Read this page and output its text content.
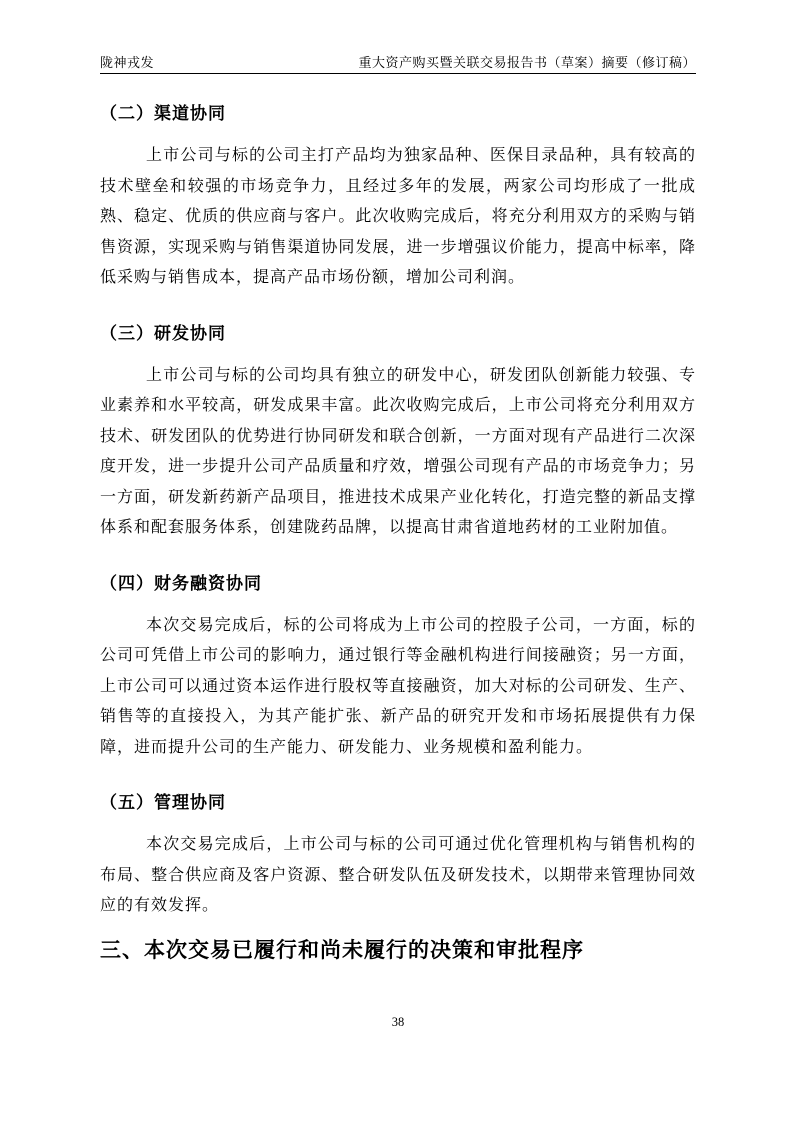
陇神戎发	重大资产购买暨关联交易报告书（草案）摘要（修订稿）
（二）渠道协同

上市公司与标的公司主打产品均为独家品种、医保目录品种，具有较高的技术壁垒和较强的市场竞争力，且经过多年的发展，两家公司均形成了一批成熟、稳定、优质的供应商与客户。此次收购完成后，将充分利用双方的采购与销售资源，实现采购与销售渠道协同发展，进一步增强议价能力，提高中标率，降低采购与销售成本，提高产品市场份额，增加公司利润。

（三）研发协同

上市公司与标的公司均具有独立的研发中心，研发团队创新能力较强、专业素养和水平较高，研发成果丰富。此次收购完成后，上市公司将充分利用双方技术、研发团队的优势进行协同研发和联合创新，一方面对现有产品进行二次深度开发，进一步提升公司产品质量和疗效，增强公司现有产品的市场竞争力；另一方面，研发新药新产品项目，推进技术成果产业化转化，打造完整的新品支撑体系和配套服务体系，创建陇药品牌，以提高甘肃省道地药材的工业附加值。

（四）财务融资协同

本次交易完成后，标的公司将成为上市公司的控股子公司，一方面，标的公司可凭借上市公司的影响力，通过银行等金融机构进行间接融资；另一方面，上市公司可以通过资本运作进行股权等直接融资，加大对标的公司研发、生产、销售等的直接投入，为其产能扩张、新产品的研究开发和市场拓展提供有力保障，进而提升公司的生产能力、研发能力、业务规模和盈利能力。

（五）管理协同

本次交易完成后，上市公司与标的公司可通过优化管理机构与销售机构的布局、整合供应商及客户资源、整合研发队伍及研发技术，以期带来管理协同效应的有效发挥。

三、本次交易已履行和尚未履行的决策和审批程序
38
